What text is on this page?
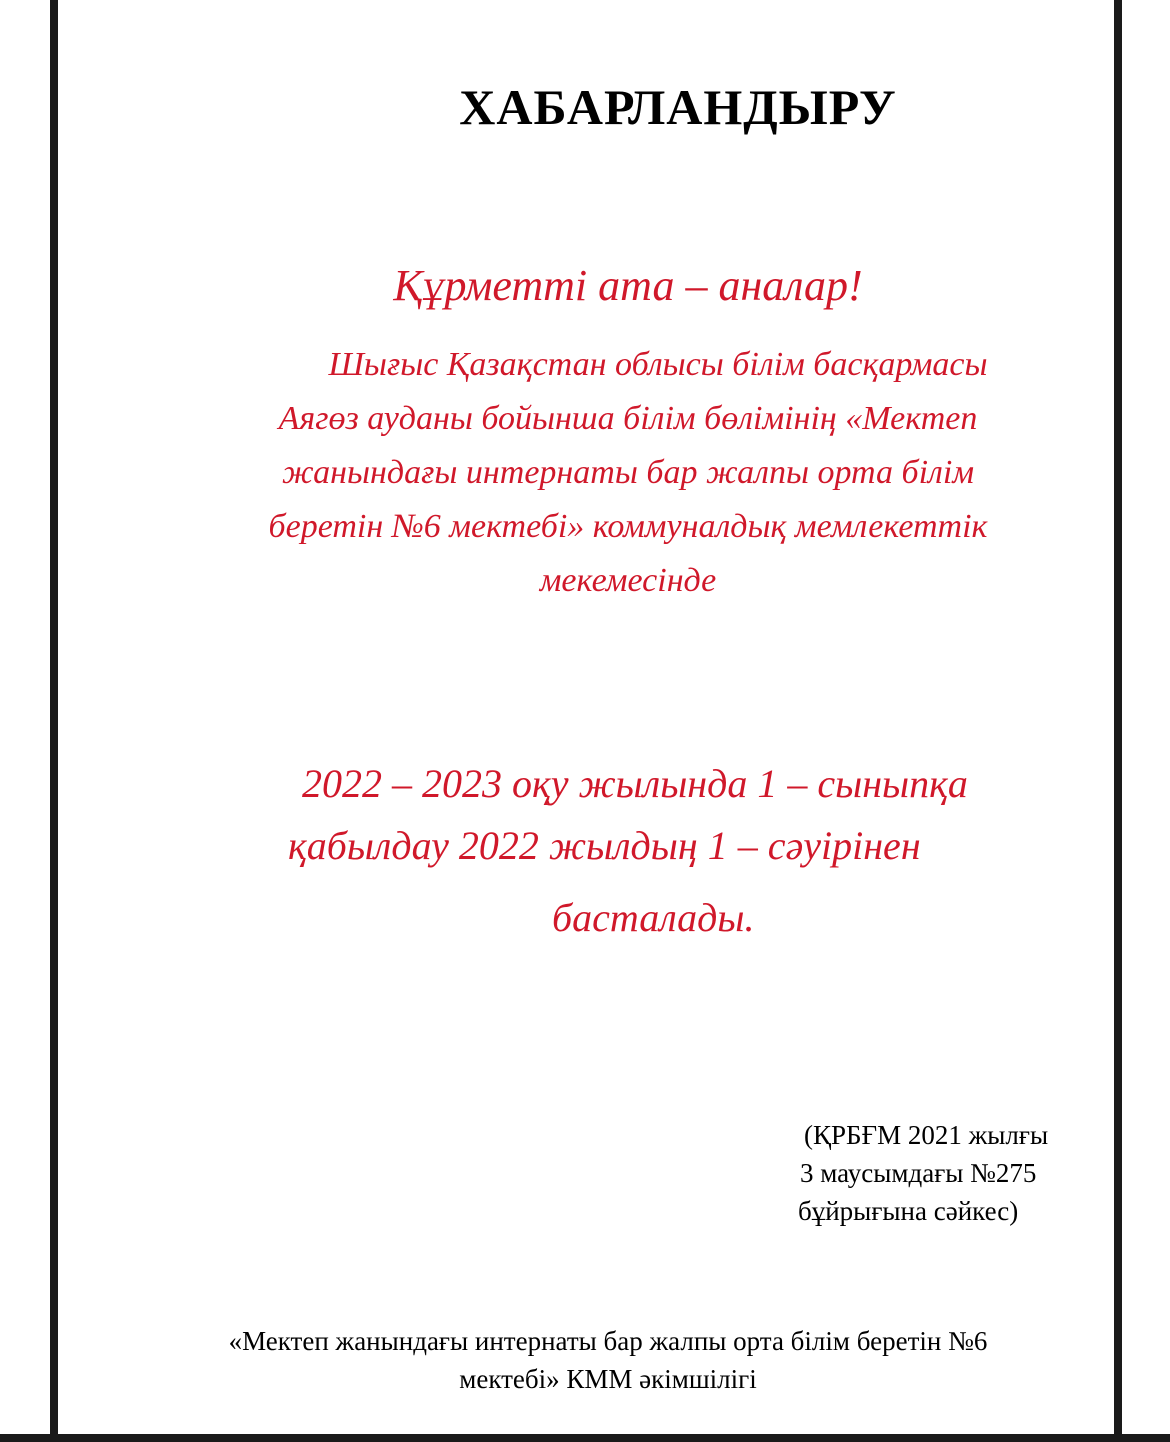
ХАБАРЛАНДЫРУ
Құрметті ата – аналар!
Шығыс Қазақстан облысы білім басқармасы
Аягөз ауданы бойынша білім бөлімінің «Мектеп
жанындағы интернаты бар жалпы орта білім
беретін №6 мектебі» коммуналдық мемлекеттік
мекемесінде
2022 – 2023 оқу жылында 1 – сыныпқа
қабылдау 2022 жылдың 1 – сәуірінен
басталады.
(ҚРБҒМ 2021 жылғы
3 маусымдағы №275
бұйрығына сәйкес)
«Мектеп жанындағы интернаты бар жалпы орта білім беретін №6
мектебі» КММ әкімшілігі
